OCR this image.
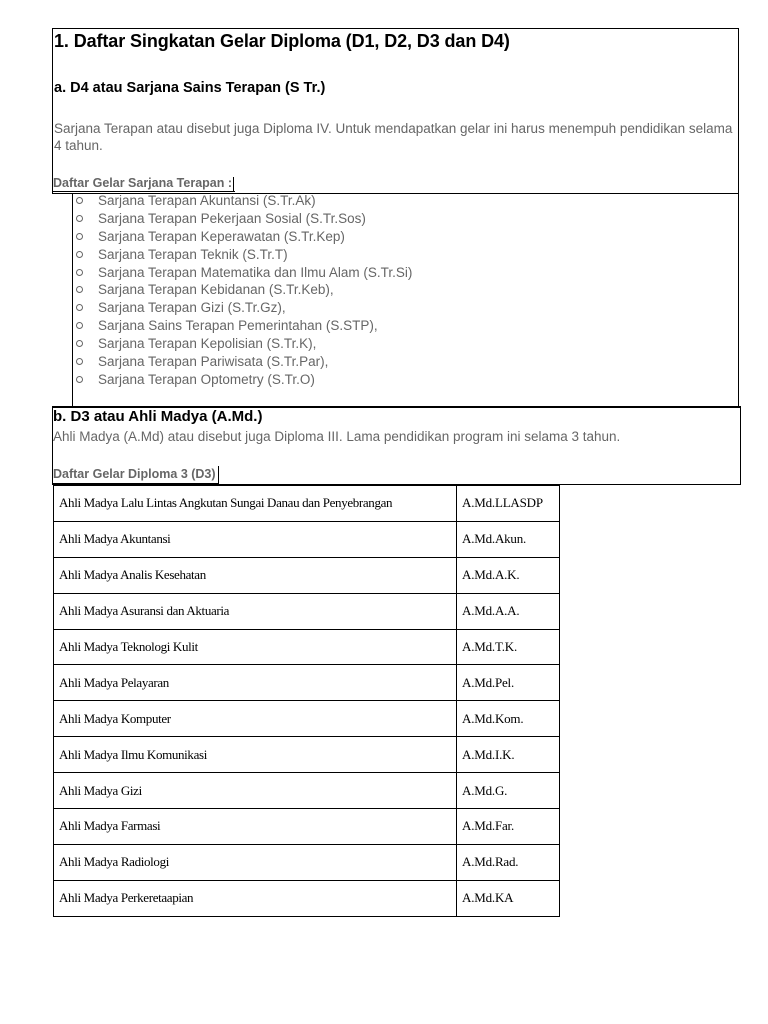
1. Daftar Singkatan Gelar Diploma (D1, D2, D3 dan D4)
a. D4 atau Sarjana Sains Terapan (S Tr.)
Sarjana Terapan atau disebut juga Diploma IV. Untuk mendapatkan gelar ini harus menempuh pendidikan selama 4 tahun.
Daftar Gelar Sarjana Terapan :
Sarjana Terapan Akuntansi (S.Tr.Ak)
Sarjana Terapan Pekerjaan Sosial (S.Tr.Sos)
Sarjana Terapan Keperawatan (S.Tr.Kep)
Sarjana Terapan Teknik (S.Tr.T)
Sarjana Terapan Matematika dan Ilmu Alam (S.Tr.Si)
Sarjana Terapan Kebidanan (S.Tr.Keb),
Sarjana Terapan Gizi (S.Tr.Gz),
Sarjana Sains Terapan Pemerintahan (S.STP),
Sarjana Terapan Kepolisian (S.Tr.K),
Sarjana Terapan Pariwisata (S.Tr.Par),
Sarjana Terapan Optometry (S.Tr.O)
b. D3 atau Ahli Madya (A.Md.)
Ahli Madya (A.Md) atau disebut juga Diploma III. Lama pendidikan program ini selama 3 tahun.
Daftar Gelar Diploma 3 (D3)
Ahli Madya Lalu Lintas Angkutan Sungai Danau dan Penyebrangan	A.Md.LLASDP
Ahli Madya Akuntansi	A.Md.Akun.
Ahli Madya Analis Kesehatan	A.Md.A.K.
Ahli Madya Asuransi dan Aktuaria	A.Md.A.A.
Ahli Madya Teknologi Kulit	A.Md.T.K.
Ahli Madya Pelayaran	A.Md.Pel.
Ahli Madya Komputer	A.Md.Kom.
Ahli Madya Ilmu Komunikasi	A.Md.I.K.
Ahli Madya Gizi	A.Md.G.
Ahli Madya Farmasi	A.Md.Far.
Ahli Madya Radiologi	A.Md.Rad.
Ahli Madya Perkeretaapian	A.Md.KA
